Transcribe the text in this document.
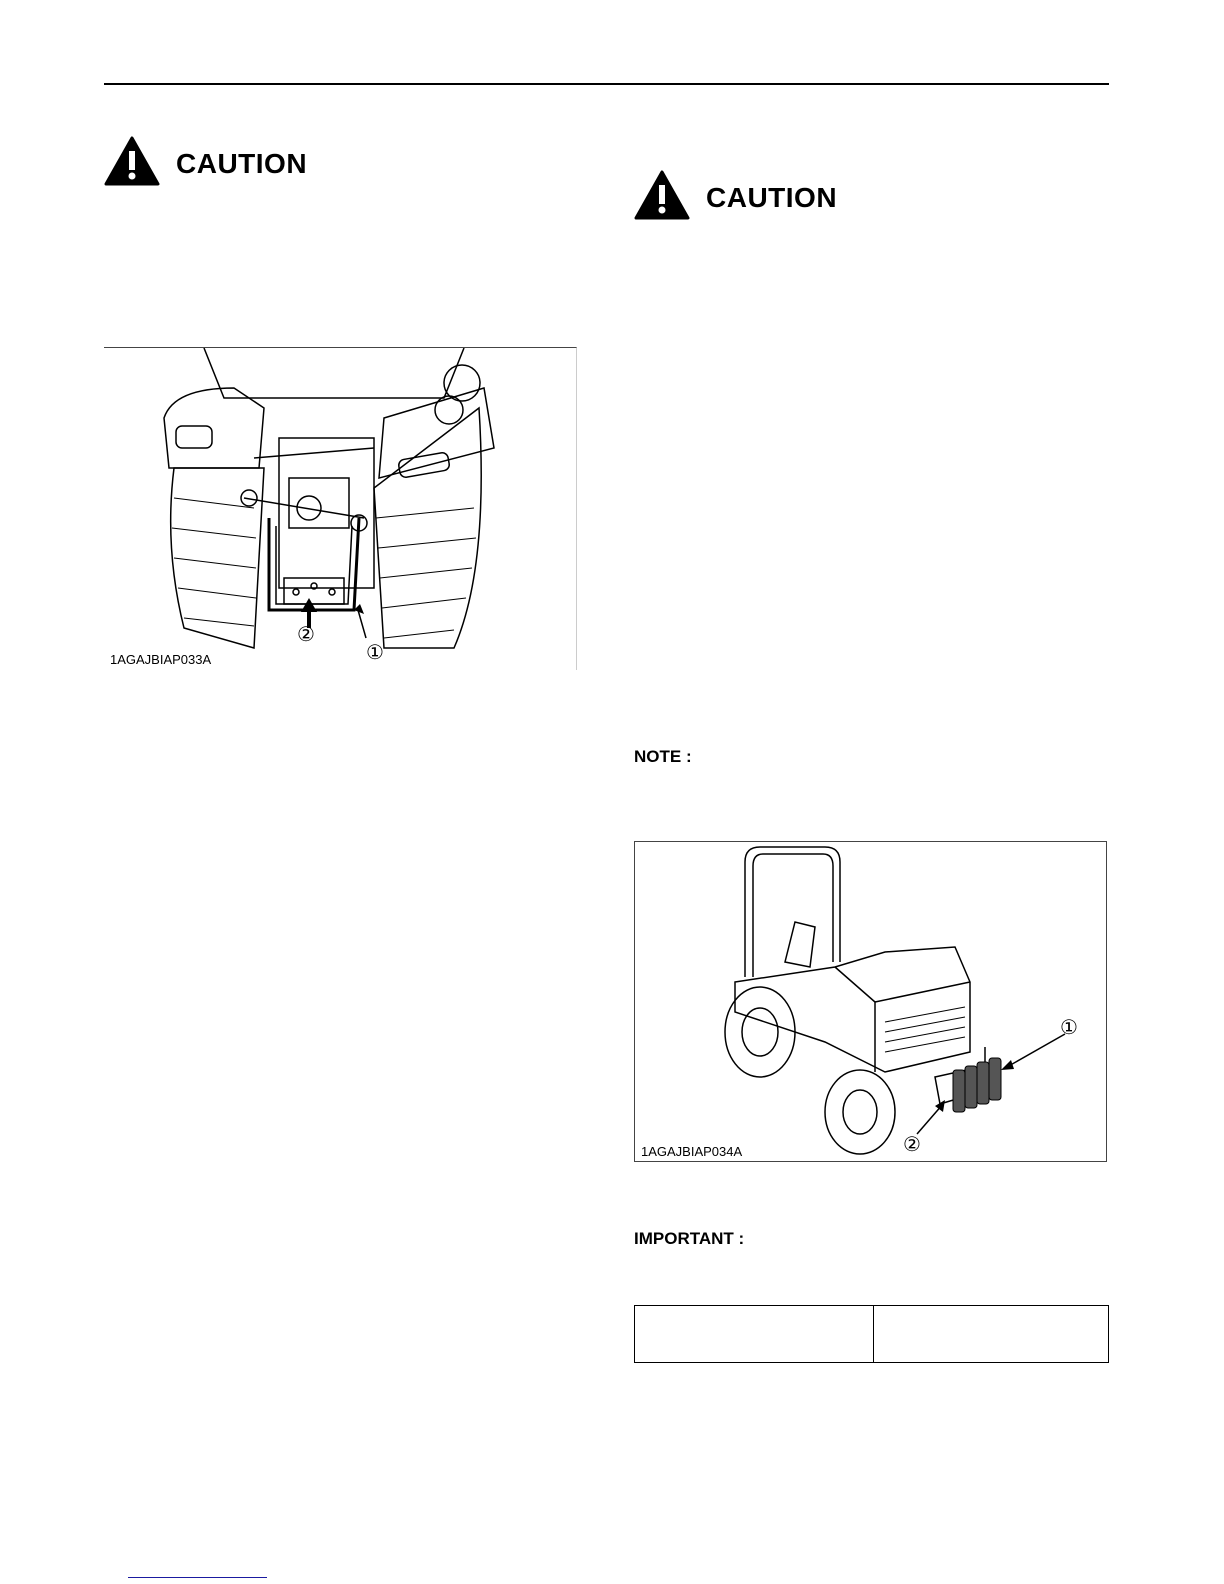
CAUTION
②
①
1AGAJBIAP033A
CAUTION
NOTE :
①
②
1AGAJBIAP034A
IMPORTANT :
